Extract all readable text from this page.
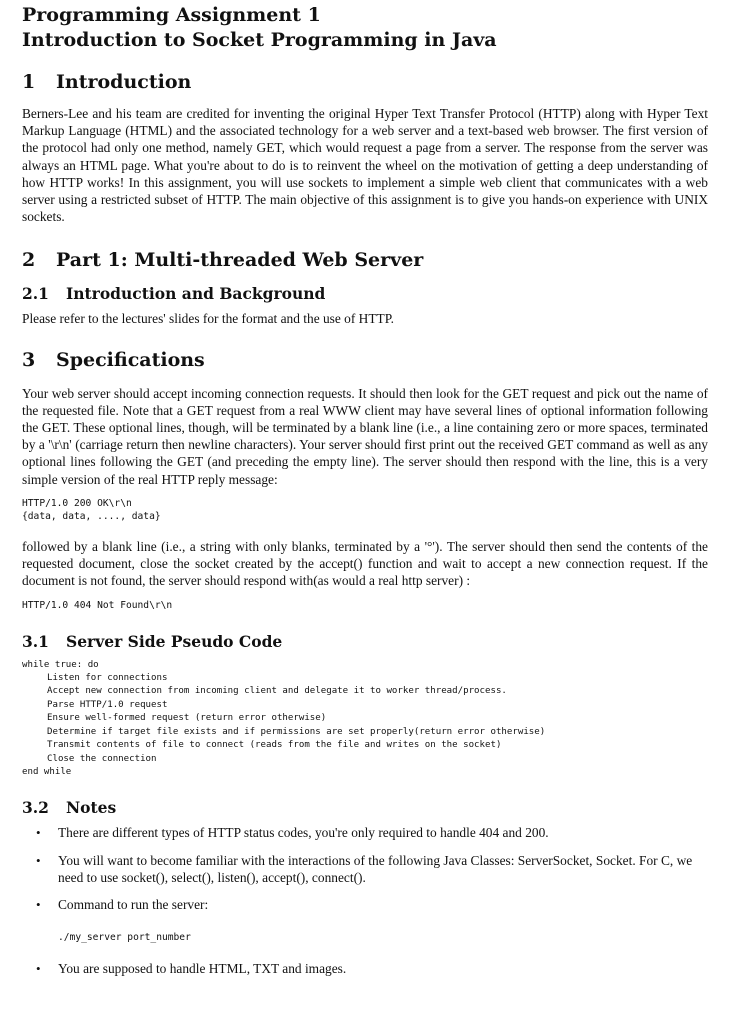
Programming Assignment 1

Introduction to Socket Programming in Java

1 Introduction

Berners-Lee and his team are credited for inventing the original Hyper Text Transfer Protocol (HTTP) along with Hyper Text Markup Language (HTML) and the associated technology for a web server and a text-based web browser. The first version of the protocol had only one method, namely GET, which would request a page from a server. The response from the server was always an HTML page. What you're about to do is to reinvent the wheel on the motivation of getting a deep understanding of how HTTP works! In this assignment, you will use sockets to implement a simple web client that communicates with a web server using a restricted subset of HTTP. The main objective of this assignment is to give you hands-on experience with UNIX sockets.

2 Part 1: Multi-threaded Web Server
2.1 Introduction and Background

Please refer to the lectures' slides for the format and the use of HTTP.

3 Specifications

Your web server should accept incoming connection requests. It should then look for the GET request and pick out the name of the requested file. Note that a GET request from a real WWW client may have several lines of optional information following the GET. These optional lines, though, will be terminated by a blank line (i.e., a line containing zero or more spaces, terminated by a '\r\n' (carriage return then newline characters). Your server should first print out the received GET command as well as any optional lines following the GET (and preceding the empty line). The server should then respond with the line, this is a very simple version of the real HTTP reply message:

HTTP/1.0 200 OK\r\n
{data, data, ...., data}

followed by a blank line (i.e., a string with only blanks, terminated by a '°'). The server should then send the contents of the requested document, close the socket created by the accept() function and wait to accept a new connection request. If the document is not found, the server should respond with(as would a real http server) :

HTTP/1.0 404 Not Found\r\n
3.1 Server Side Pseudo Code
while true: do
Listen for connections
Accept new connection from incoming client and delegate it to worker thread/process.
Parse HTTP/1.0 request
Ensure well-formed request (return error otherwise)
Determine if target file exists and if permissions are set properly(return error otherwise)
Transmit contents of file to connect (reads from the file and writes on the socket)
Close the connection
end while
3.2 Notes
• There are different types of HTTP status codes, you're only required to handle 404 and 200.
• You will want to become familiar with the interactions of the following Java Classes: ServerSocket, Socket. For C, we need to use socket(), select(), listen(), accept(), connect().
• Command to run the server:
./my_server port_number
• You are supposed to handle HTML, TXT and images.
